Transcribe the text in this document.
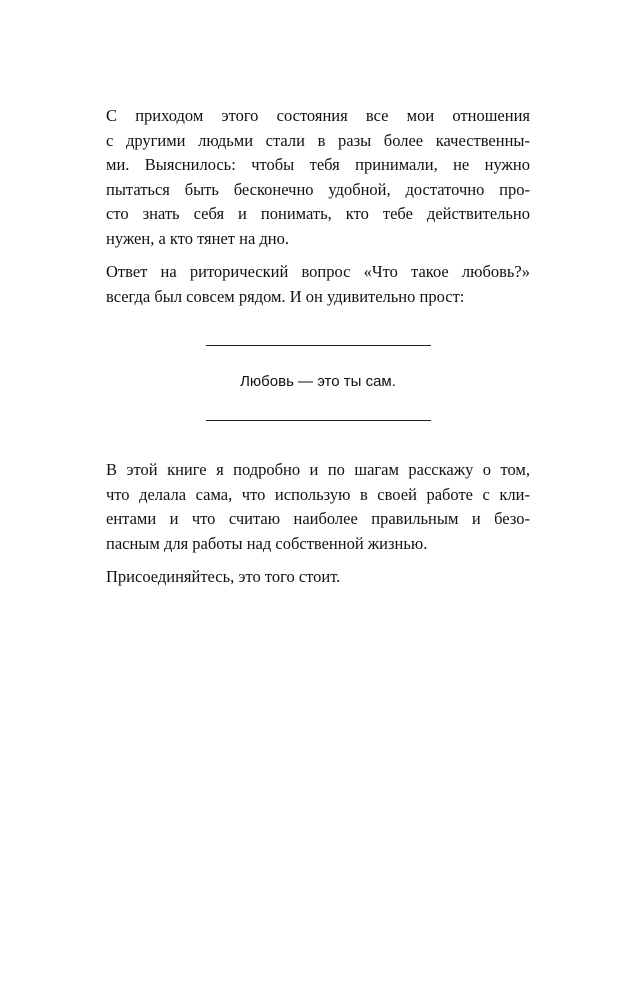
С приходом этого состояния все мои отношения
с другими людьми стали в разы более качественны-
ми. Выяснилось: чтобы тебя принимали, не нужно
пытаться быть бесконечно удобной, достаточно про-
сто знать себя и понимать, кто тебе действительно
нужен, а кто тянет на дно.

Ответ на риторический вопрос «Что такое любовь?»
всегда был совсем рядом. И он удивительно прост:

Любовь — это ты сам.

В этой книге я подробно и по шагам расскажу о том,
что делала сама, что использую в своей работе с кли-
ентами и что считаю наиболее правильным и безо-
пасным для работы над собственной жизнью.

Присоединяйтесь, это того стоит.
